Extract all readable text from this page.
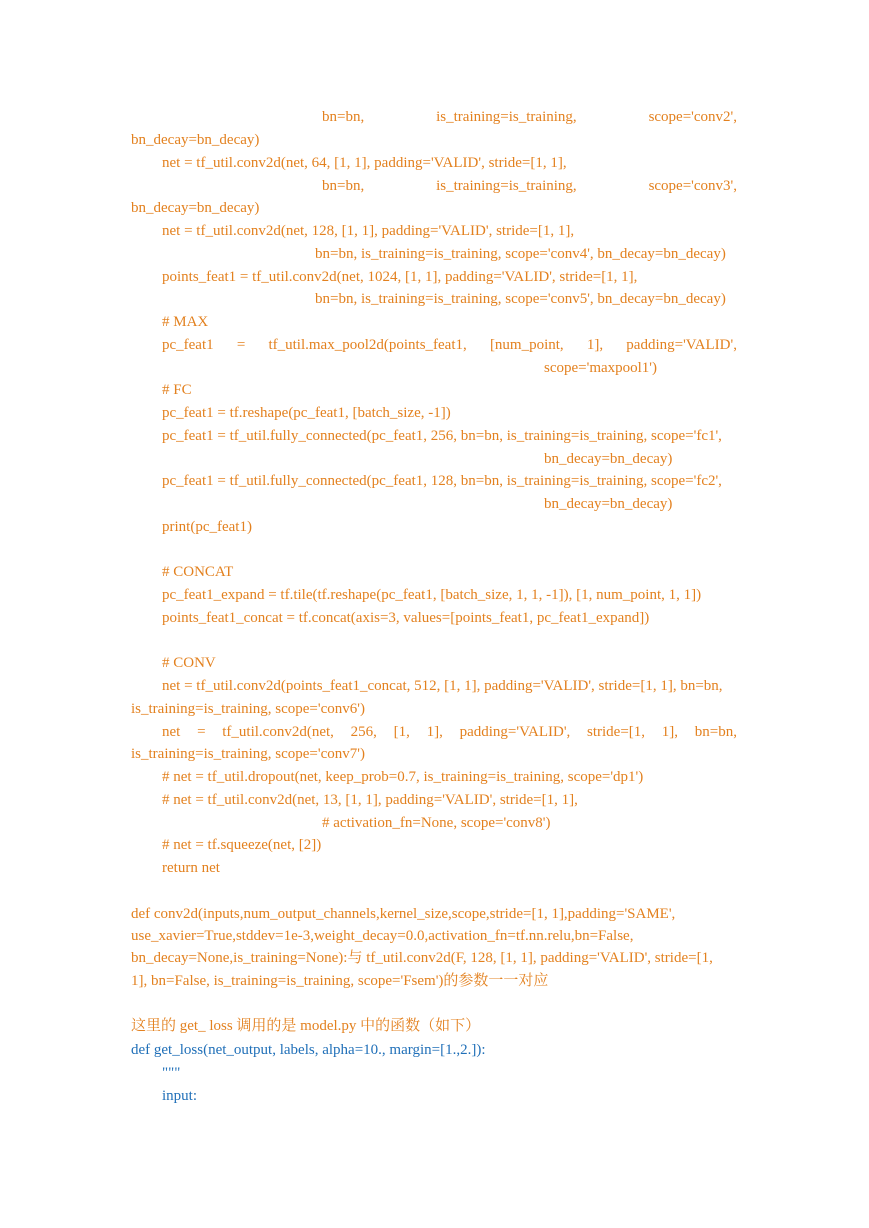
bn=bn,	is_training=is_training,	scope='conv2',
bn_decay=bn_decay)
net = tf_util.conv2d(net, 64, [1, 1], padding='VALID', stride=[1, 1],
bn=bn,	is_training=is_training,	scope='conv3',
bn_decay=bn_decay)
net = tf_util.conv2d(net, 128, [1, 1], padding='VALID', stride=[1, 1],
bn=bn, is_training=is_training, scope='conv4', bn_decay=bn_decay)
points_feat1 = tf_util.conv2d(net, 1024, [1, 1], padding='VALID', stride=[1, 1],
bn=bn, is_training=is_training, scope='conv5', bn_decay=bn_decay)
# MAX
pc_feat1 = tf_util.max_pool2d(points_feat1, [num_point, 1], padding='VALID',
scope='maxpool1')
# FC
pc_feat1 = tf.reshape(pc_feat1, [batch_size, -1])
pc_feat1 = tf_util.fully_connected(pc_feat1, 256, bn=bn, is_training=is_training, scope='fc1',
bn_decay=bn_decay)
pc_feat1 = tf_util.fully_connected(pc_feat1, 128, bn=bn, is_training=is_training, scope='fc2',
bn_decay=bn_decay)
print(pc_feat1)
# CONCAT
pc_feat1_expand = tf.tile(tf.reshape(pc_feat1, [batch_size, 1, 1, -1]), [1, num_point, 1, 1])
points_feat1_concat = tf.concat(axis=3, values=[points_feat1, pc_feat1_expand])
# CONV
net = tf_util.conv2d(points_feat1_concat, 512, [1, 1], padding='VALID', stride=[1, 1], bn=bn,
is_training=is_training, scope='conv6')
net = tf_util.conv2d(net, 256, [1, 1], padding='VALID', stride=[1, 1], bn=bn,
is_training=is_training, scope='conv7')
# net = tf_util.dropout(net, keep_prob=0.7, is_training=is_training, scope='dp1')
# net = tf_util.conv2d(net, 13, [1, 1], padding='VALID', stride=[1, 1],
# activation_fn=None, scope='conv8')
# net = tf.squeeze(net, [2])
return net
def conv2d(inputs,num_output_channels,kernel_size,scope,stride=[1, 1],padding='SAME',
use_xavier=True,stddev=1e-3,weight_decay=0.0,activation_fn=tf.nn.relu,bn=False,
bn_decay=None,is_training=None):与 tf_util.conv2d(F, 128, [1, 1], padding='VALID', stride=[1,
1], bn=False, is_training=is_training, scope='Fsem')的参数一一对应
这里的 get_ loss 调用的是 model.py 中的函数（如下）
def get_loss(net_output, labels, alpha=10., margin=[1.,2.]):
"""
input:
